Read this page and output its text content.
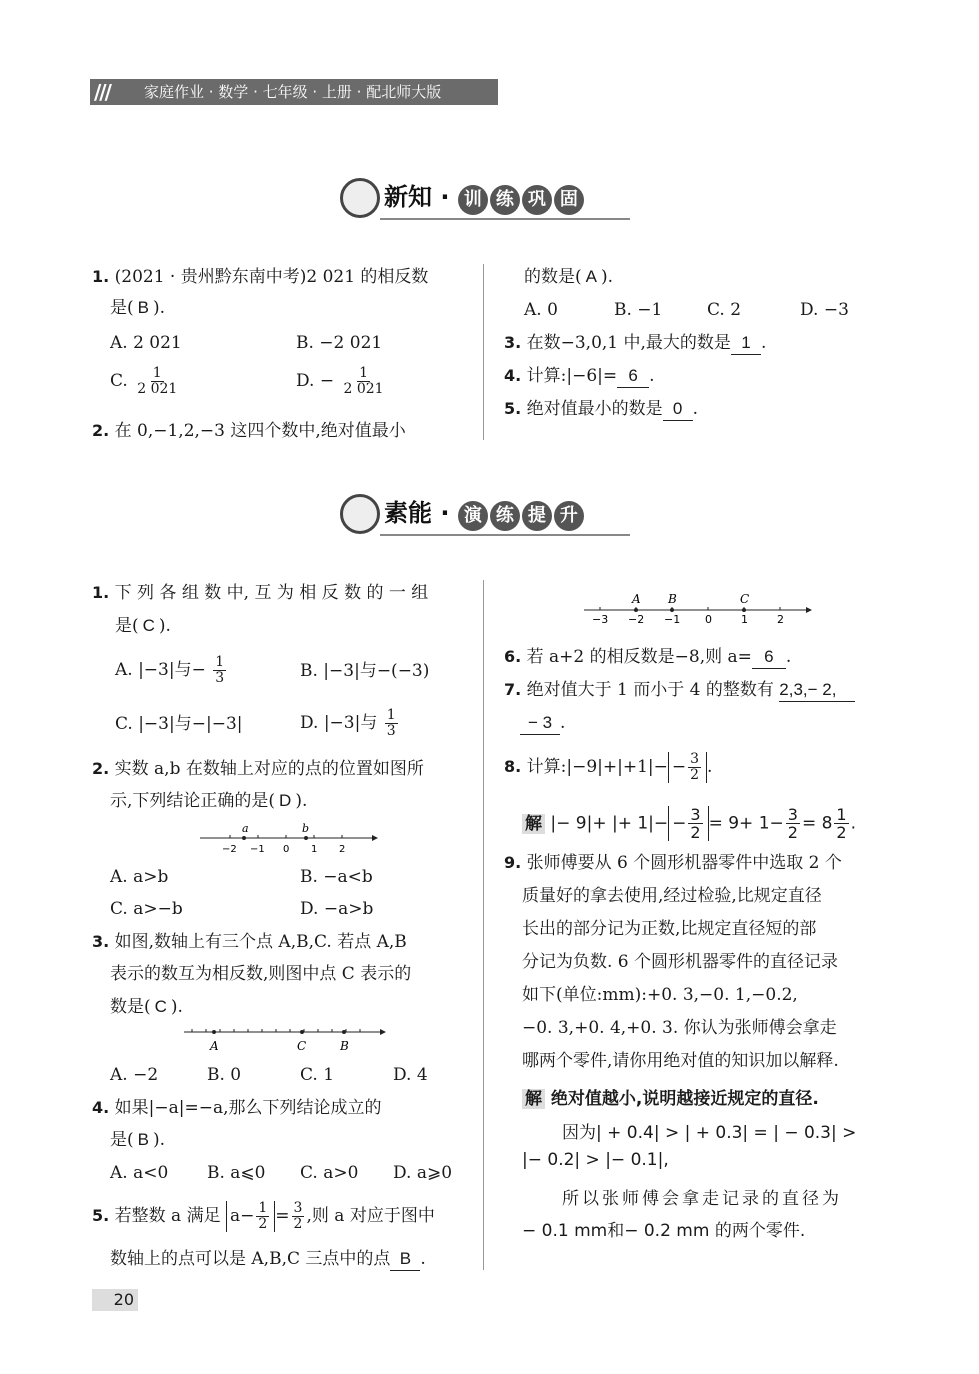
/// 家庭作业 · 数学 · 七年级 · 上册 · 配北师大版
新知 · 训 练 巩 固
1. (2021 · 贵州黔东南中考)2 021 的相反数
是( B ).
A. 2 021	B. −2 021
C. $\frac{1}{2 021}$	D. − $\frac{1}{2 021}$
2. 在 0,−1,2,−3 这四个数中,绝对值最小
的数是( A ).
A. 0	B. −1	C. 2	D. −3
3. 在数−3,0,1 中,最大的数是 1 .
4. 计算:|−6|= 6 .
5. 绝对值最小的数是 0 .
素能 · 演 练 提 升
1. 下 列 各 组 数 中, 互 为 相 反 数 的 一 组
是( C ).
A. |−3|与− $\frac{1}{3}$	B. |−3|与−(−3)
C. |−3|与−|−3|	D. |−3|与 $\frac{1}{3}$
2. 实数 a,b 在数轴上对应的点的位置如图所
示,下列结论正确的是( D ).
a	b
−2 −1 0 1 2
A. a>b	B. −a<b
C. a>−b	D. −a>b
3. 如图,数轴上有三个点 A,B,C. 若点 A,B
表示的数互为相反数,则图中点 C 表示的
数是( C ).
A	C	B
A. −2	B. 0	C. 1	D. 4
4. 如果|−a|=−a,那么下列结论成立的
是( B ).
A. a<0 B. a⩽0 C. a>0 D. a⩾0
5. 若整数 a 满足 $a- \frac{1}{2} = \frac{3}{2}$ ,则 a 对应于图中
数轴上的点可以是 A,B,C 三点中的点 B .
A B	C
−3 −2 −1 0	1	2
6. 若 a+2 的相反数是−8,则 a= 6 .
7. 绝对值大于 1 而小于 4 的整数有 2,3,− 2,
− 3 .
8. 计算:|−9|+|+1|− − $\frac{3}{2}$ .
解 |− 9|+ |+ $1|- - \frac{3}{2} = 9+ 1- \frac{3}{2} = 8 \frac{1}{2}$ .
9. 张师傅要从 6 个圆形机器零件中选取 2 个
质量好的拿去使用,经过检验,比规定直径
长出的部分记为正数,比规定直径短的部
分记为负数. 6 个圆形机器零件的直径记录
如下(单位:mm):+0. 3,−0. 1,−0.2,
−0. 3,+0. 4,+0. 3. 你认为张师傅会拿走
哪两个零件,请你用绝对值的知识加以解释.
解 绝对值越小,说明越接近规定的直径.
因为| + 0.4| > | + 0.3| = | − 0.3| >
|− 0.2| > |− 0.1|,
所以张师傅会拿走记录的直径为
− 0.1 mm和− 0.2 mm 的两个零件.
20
